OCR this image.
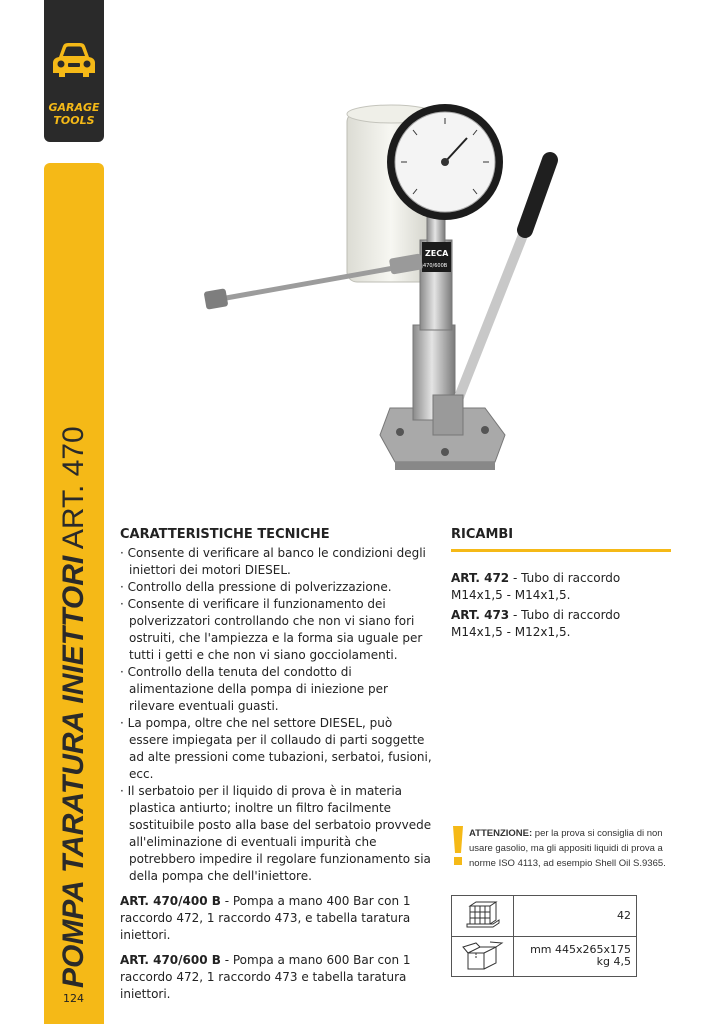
GARAGE
TOOLS
POMPA TARATURA INIETTORI ART. 470
124
ZECA
470/600B
CARATTERISTICHE TECNICHE
· Consente di verificare al banco le condizioni degli iniettori dei motori DIESEL.
· Controllo della pressione di polverizzazione.
· Consente di verificare il funzionamento dei polverizzatori controllando che non vi siano fori ostruiti, che l'ampiezza e la forma sia uguale per tutti i getti e che non vi siano gocciolamenti.
· Controllo della tenuta del condotto di alimentazione della pompa di iniezione per rilevare eventuali guasti.
· La pompa, oltre che nel settore DIESEL, può essere impiegata per il collaudo di parti soggette ad alte pressioni come tubazioni, serbatoi, fusioni, ecc.
· Il serbatoio per il liquido di prova è in materia plastica antiurto; inoltre un filtro facilmente sostituibile posto alla base del serbatoio provvede all'eliminazione di eventuali impurità che potrebbero impedire il regolare funzionamento sia della pompa che dell'iniettore.
ART. 470/400 B - Pompa a mano 400 Bar con 1 raccordo 472, 1 raccordo 473, e tabella taratura iniettori.
ART. 470/600 B - Pompa a mano 600 Bar con 1 raccordo 472, 1 raccordo 473 e tabella taratura iniettori.
RICAMBI
ART. 472 - Tubo di raccordo M14x1,5 - M14x1,5.
ART. 473 - Tubo di raccordo M14x1,5 - M12x1,5.
ATTENZIONE: per la prova si consiglia di non usare gasolio, ma gli appositi liquidi di prova a norme ISO 4113, ad esempio Shell Oil S.9365.
42
mm 445x265x175
kg 4,5
